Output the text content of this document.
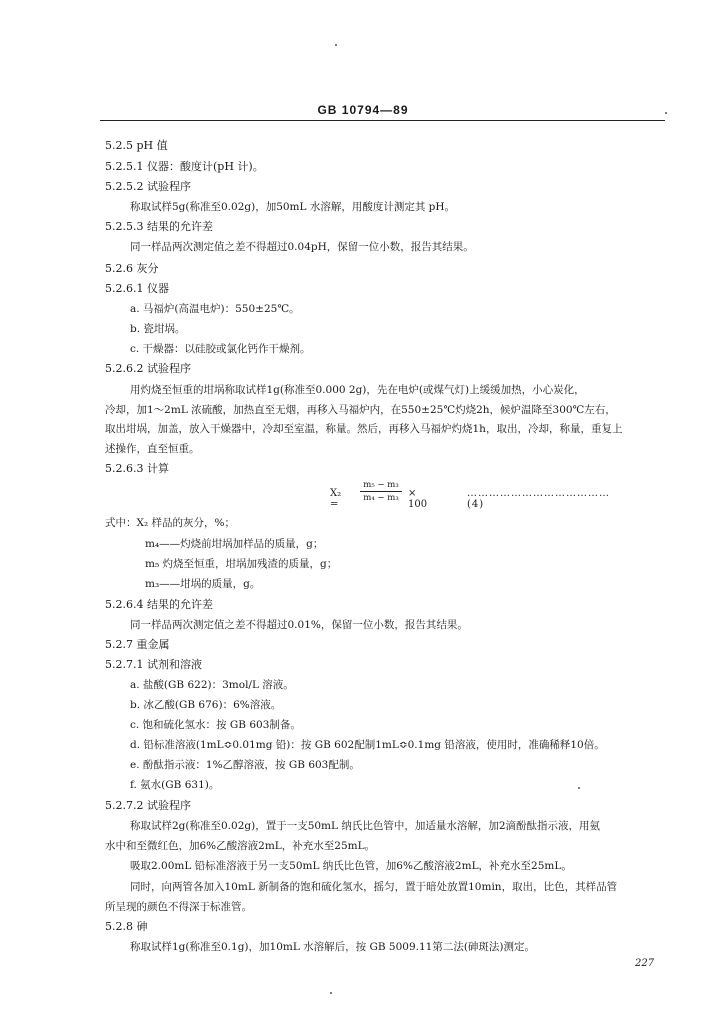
GB 10794—89
5.2.5 pH 值
5.2.5.1 仪器：酸度计(pH 计)。
5.2.5.2 试验程序
称取试样5g(称准至0.02g)，加50mL 水溶解，用酸度计测定其 pH。
5.2.5.3 结果的允许差
同一样品两次测定值之差不得超过0.04pH，保留一位小数，报告其结果。
5.2.6 灰分
5.2.6.1 仪器
a. 马福炉(高温电炉)：550±25℃。
b. 瓷坩埚。
c. 干燥器：以硅胶或氯化钙作干燥剂。
5.2.6.2 试验程序
用灼烧至恒重的坩埚称取试样1g(称准至0.000 2g)，先在电炉(或煤气灯)上缓缓加热，小心炭化，
冷却，加1～2mL 浓硫酸，加热直至无烟，再移入马福炉内，在550±25℃灼烧2h，候炉温降至300℃左右，
取出坩埚，加盖，放入干燥器中，冷却至室温，称量。然后，再移入马福炉灼烧1h，取出，冷却，称量，重复上
述操作，直至恒重。
5.2.6.3 计算
X₂ =
$\frac{\text{m₅ − m₃}}{\text{m₄ − m₃}} \times 100$
…………………………………(4)
式中：X₂ 样品的灰分，%；
m₄——灼烧前坩埚加样品的质量，g；
m₅ 灼烧至恒重，坩埚加残渣的质量，g；
m₃——坩埚的质量，g。
5.2.6.4 结果的允许差
同一样品两次测定值之差不得超过0.01%，保留一位小数，报告其结果。
5.2.7 重金属
5.2.7.1 试剂和溶液
a. 盐酸(GB 622)：3mol/L 溶液。
b. 冰乙酸(GB 676)：6%溶液。
c. 饱和硫化氢水：按 GB 603制备。
d. 铅标准溶液(1mL≎0.01mg 铅)：按 GB 602配制1mL≎0.1mg 铅溶液，使用时，准确稀释10倍。
e. 酚酞指示液：1%乙醇溶液，按 GB 603配制。
f. 氨水(GB 631)。
5.2.7.2 试验程序
称取试样2g(称准至0.02g)，置于一支50mL 纳氏比色管中，加适量水溶解，加2滴酚酞指示液，用氨
水中和至微红色，加6%乙酸溶液2mL，补充水至25mL。
吸取2.00mL 铅标准溶液于另一支50mL 纳氏比色管，加6%乙酸溶液2mL，补充水至25mL。
同时，向两管各加入10mL 新制备的饱和硫化氢水，摇匀，置于暗处放置10min，取出，比色，其样品管
所呈现的颜色不得深于标准管。
5.2.8 砷
称取试样1g(称准至0.1g)，加10mL 水溶解后，按 GB 5009.11第二法(砷斑法)测定。
227
